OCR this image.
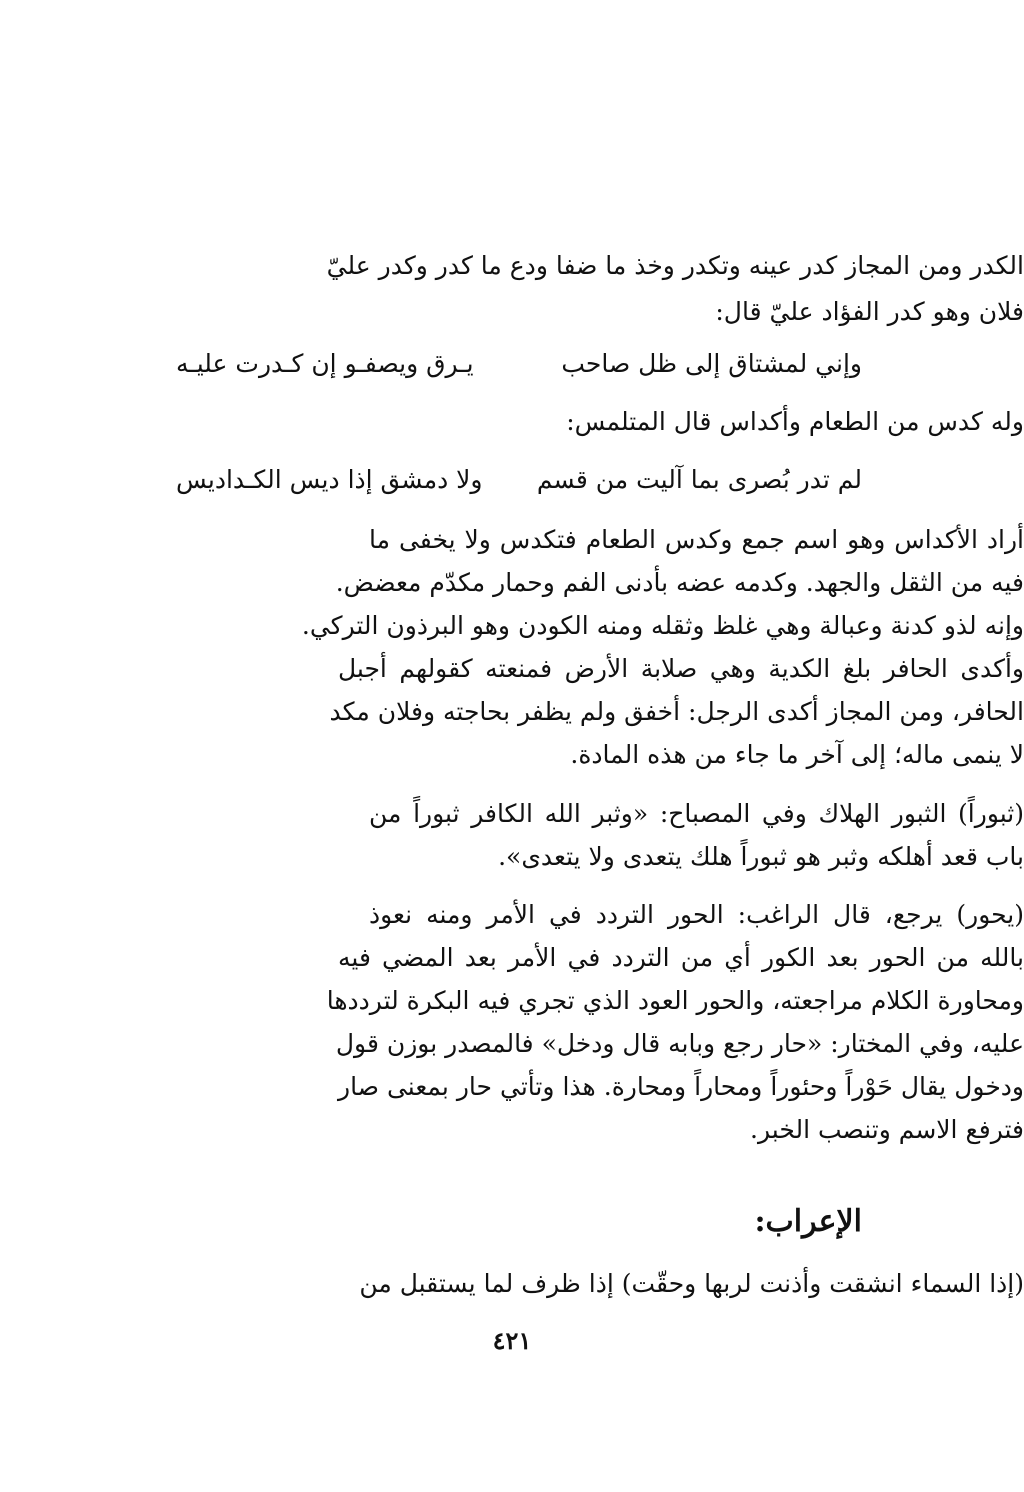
الكدر ومن المجاز كدر عينه وتكدر وخذ ما ضفا ودع ما كدر وكدر عليّ
فلان وهو كدر الفؤاد عليّ قال:
وإني لمشتاق إلى ظل صاحب
يـرق ويصفـو إن كـدرت عليـه
وله كدس من الطعام وأكداس قال المتلمس:
لم تدر بُصرى بما آليت من قسم
ولا دمشق إذا ديس الكـداديس
أراد الأكداس وهو اسم جمع وكدس الطعام فتكدس ولا يخفى ما
فيه من الثقل والجهد. وكدمه عضه بأدنى الفم وحمار مكدّم معضض.
وإنه لذو كدنة وعبالة وهي غلظ وثقله ومنه الكودن وهو البرذون التركي.
وأكدى الحافر بلغ الكدية وهي صلابة الأرض فمنعته كقولهم أجبل
الحافر، ومن المجاز أكدى الرجل: أخفق ولم يظفر بحاجته وفلان مكد
لا ينمى ماله؛ إلى آخر ما جاء من هذه المادة.
(ثبوراً) الثبور الهلاك وفي المصباح: «وثبر الله الكافر ثبوراً من
باب قعد أهلكه وثبر هو ثبوراً هلك يتعدى ولا يتعدى».
(يحور) يرجع، قال الراغب: الحور التردد في الأمر ومنه نعوذ
بالله من الحور بعد الكور أي من التردد في الأمر بعد المضي فيه
ومحاورة الكلام مراجعته، والحور العود الذي تجري فيه البكرة لترددها
عليه، وفي المختار: «حار رجع وبابه قال ودخل» فالمصدر بوزن قول
ودخول يقال حَوْراً وحئوراً ومحاراً ومحارة. هذا وتأتي حار بمعنى صار
فترفع الاسم وتنصب الخبر.
الإعراب:
(إذا السماء انشقت وأذنت لربها وحقّت) إذا ظرف لما يستقبل من
٤٢١
